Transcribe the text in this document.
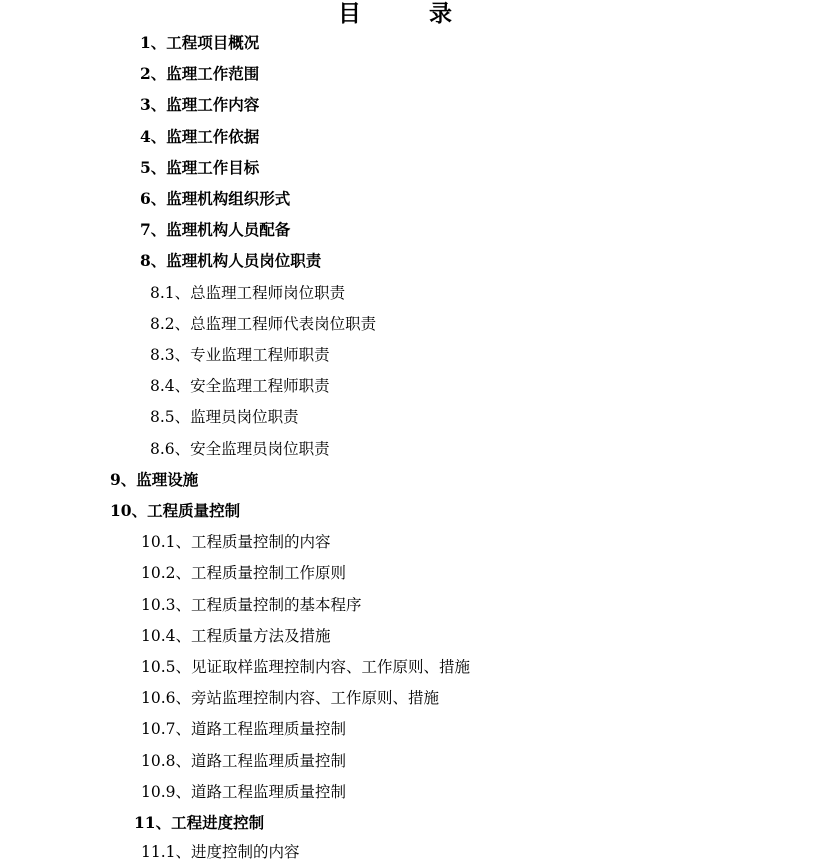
目 录
1、工程项目概况
2、监理工作范围
3、监理工作内容
4、监理工作依据
5、监理工作目标
6、监理机构组织形式
7、监理机构人员配备
8、监理机构人员岗位职责
8.1、总监理工程师岗位职责
8.2、总监理工程师代表岗位职责
8.3、专业监理工程师职责
8.4、安全监理工程师职责
8.5、监理员岗位职责
8.6、安全监理员岗位职责
9、监理设施
10、工程质量控制
10.1、工程质量控制的内容
10.2、工程质量控制工作原则
10.3、工程质量控制的基本程序
10.4、工程质量方法及措施
10.5、见证取样监理控制内容、工作原则、措施
10.6、旁站监理控制内容、工作原则、措施
10.7、道路工程监理质量控制
10.8、道路工程监理质量控制
10.9、道路工程监理质量控制
11、工程进度控制
11.1、进度控制的内容
